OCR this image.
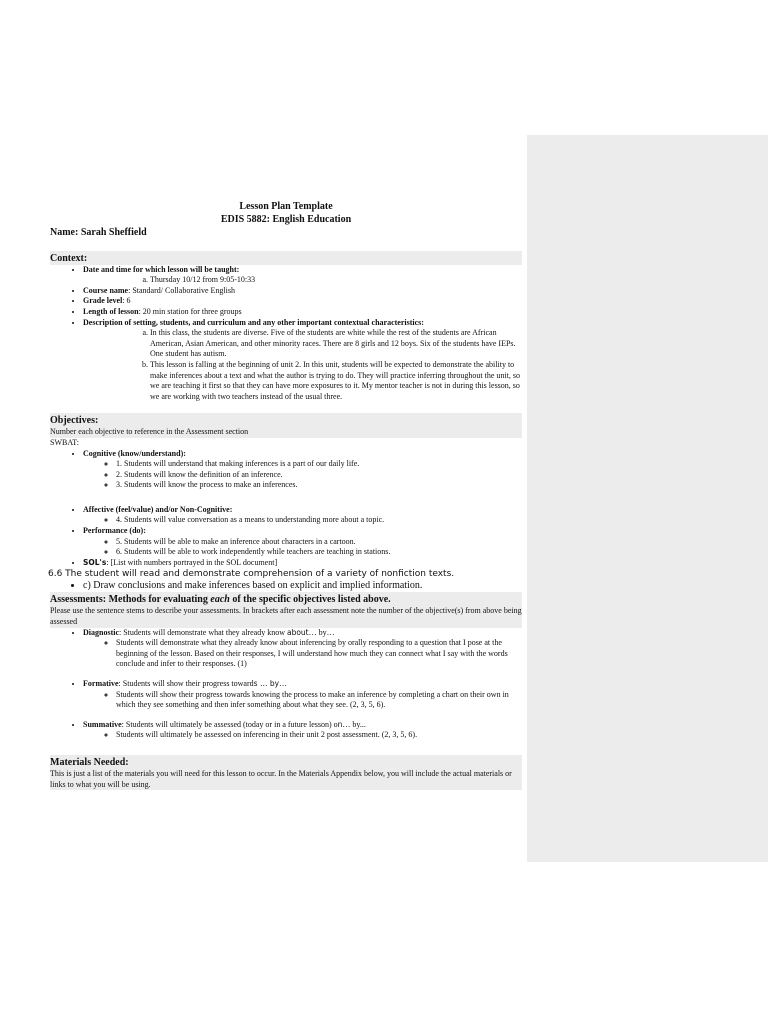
Lesson Plan Template
EDIS 5882: English Education
Name: Sarah Sheffield
Context:
• Date and time for which lesson will be taught:
a. Thursday 10/12 from 9:05-10:33
• Course name: Standard/ Collaborative English
• Grade level: 6
• Length of lesson: 20 min station for three groups
• Description of setting, students, and curriculum and any other important contextual characteristics:
a. In this class, the students are diverse. Five of the students are white while the rest of the students are African American, Asian American, and other minority races. There are 8 girls and 12 boys. Six of the students have IEPs. One student has autism.
b. This lesson is falling at the beginning of unit 2. In this unit, students will be expected to demonstrate the ability to make inferences about a text and what the author is trying to do. They will practice inferring throughout the unit, so we are teaching it first so that they can have more exposures to it. My mentor teacher is not in during this lesson, so we are working with two teachers instead of the usual three.
Objectives:
Number each objective to reference in the Assessment section
SWBAT:
• Cognitive (know/understand):
◦ 1. Students will understand that making inferences is a part of our daily life.
◦ 2. Students will know the definition of an inference.
◦ 3. Students will know the process to make an inferences.
• Affective (feel/value) and/or Non-Cognitive:
◦ 4. Students will value conversation as a means to understanding more about a topic.
• Performance (do):
◦ 5. Students will be able to make an inference about characters in a cartoon.
◦ 6. Students will be able to work independently while teachers are teaching in stations.
• SOL's: [List with numbers portrayed in the SOL document]
6.6 The student will read and demonstrate comprehension of a variety of nonfiction texts.
• c) Draw conclusions and make inferences based on explicit and implied information.
Assessments: Methods for evaluating each of the specific objectives listed above.
Please use the sentence stems to describe your assessments. In brackets after each assessment note the number of the objective(s) from above being assessed
• Diagnostic: Students will demonstrate what they already know about… by…
◦ Students will demonstrate what they already know about inferencing by orally responding to a question that I pose at the beginning of the lesson. Based on their responses, I will understand how much they can connect what I say with the words conclude and infer to their responses. (1)
• Formative: Students will show their progress towards … by…
◦ Students will show their progress towards knowing the process to make an inference by completing a chart on their own in which they see something and then infer something about what they see. (2, 3, 5, 6).
• Summative: Students will ultimately be assessed (today or in a future lesson) on… by...
◦ Students will ultimately be assessed on inferencing in their unit 2 post assessment. (2, 3, 5, 6).
Materials Needed:
This is just a list of the materials you will need for this lesson to occur. In the Materials Appendix below, you will include the actual materials or links to what you will be using.
